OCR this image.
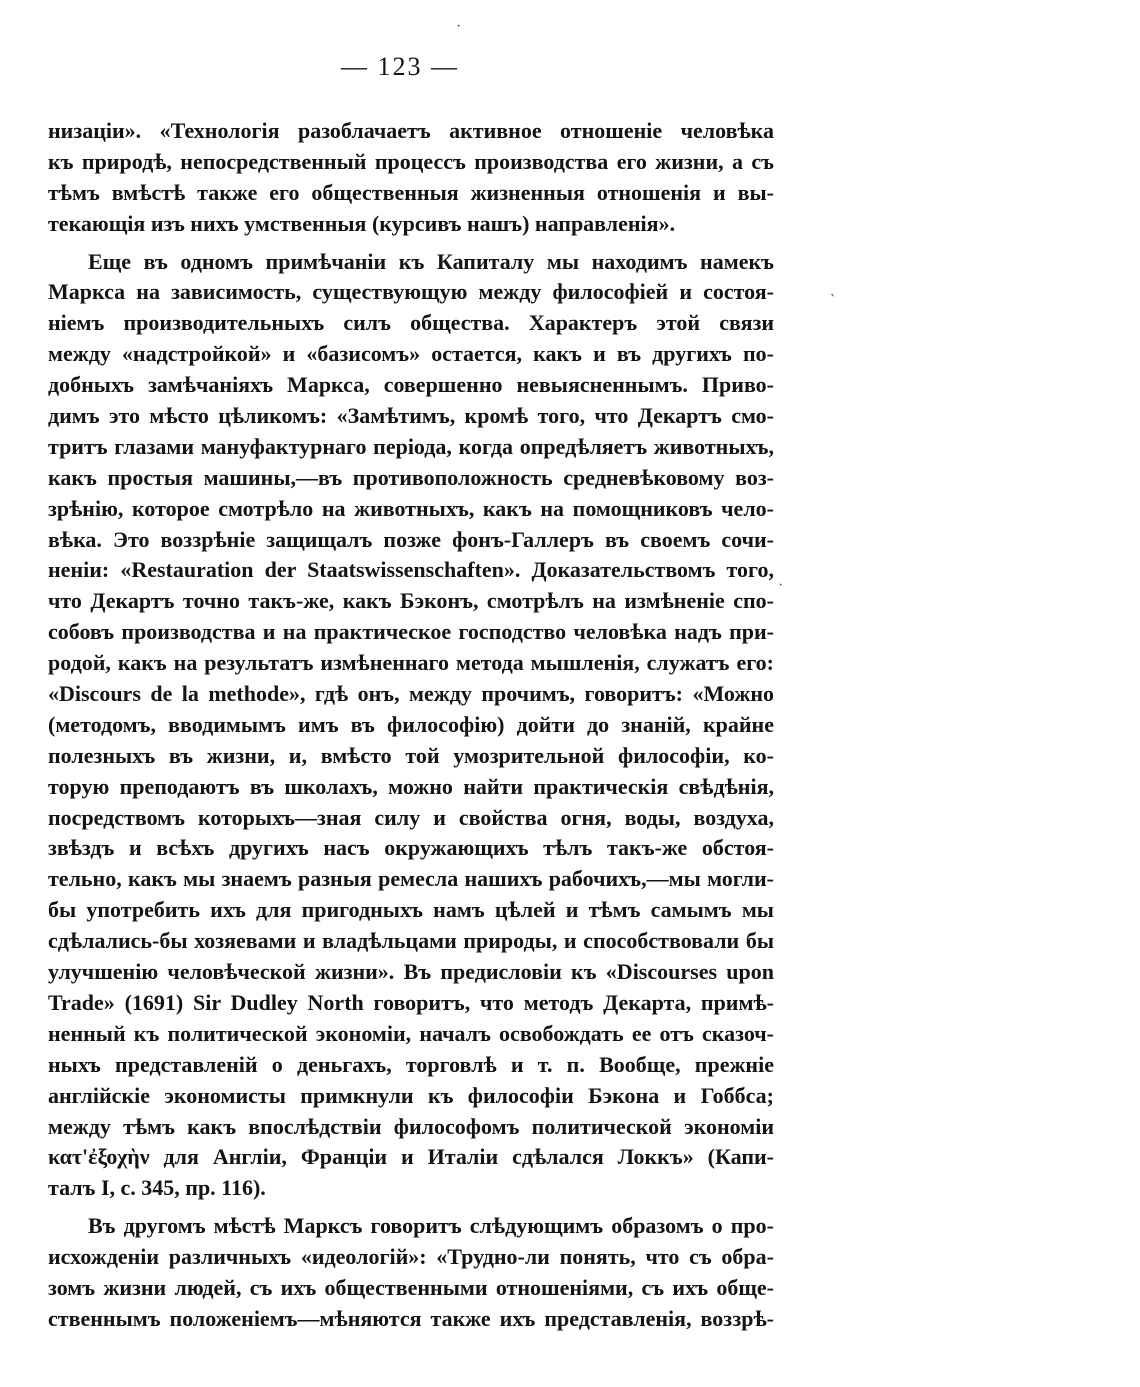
— 123 —
низаціи». «Технологія разоблачаетъ активное отношеніе человѣка
къ природѣ, непосредственный процессъ производства его жизни, а съ
тѣмъ вмѣстѣ также его общественныя жизненныя отношенія и вы-
текающія изъ нихъ умственныя (курсивъ нашъ) направленія».
Еще въ одномъ примѣчаніи къ Капиталу мы находимъ намекъ
Маркса на зависимость, существующую между философіей и состоя-
ніемъ производительныхъ силъ общества. Характеръ этой связи
между «надстройкой» и «базисомъ» остается, какъ и въ другихъ по-
добныхъ замѣчаніяхъ Маркса, совершенно невыясненнымъ. Приво-
димъ это мѣсто цѣликомъ: «Замѣтимъ, кромѣ того, что Декартъ смо-
тритъ глазами мануфактурнаго періода, когда опредѣляетъ животныхъ,
какъ простыя машины,—въ противоположность средневѣковому воз-
зрѣнію, которое смотрѣло на животныхъ, какъ на помощниковъ чело-
вѣка. Это воззрѣніе защищалъ позже фонъ-Галлеръ въ своемъ сочи-
неніи: «Restauration der Staatswissenschaften». Доказательствомъ того,
что Декартъ точно такъ-же, какъ Бэконъ, смотрѣлъ на измѣненіе спо-
собовъ производства и на практическое господство человѣка надъ при-
родой, какъ на результатъ измѣненнаго метода мышленія, служатъ его:
«Discours de la methode», гдѣ онъ, между прочимъ, говоритъ: «Можно
(методомъ, вводимымъ имъ въ философію) дойти до знаній, крайне
полезныхъ въ жизни, и, вмѣсто той умозрительной философіи, ко-
торую преподаютъ въ школахъ, можно найти практическія свѣдѣнія,
посредствомъ которыхъ—зная силу и свойства огня, воды, воздуха,
звѣздъ и всѣхъ другихъ насъ окружающихъ тѣлъ такъ-же обстоя-
тельно, какъ мы знаемъ разныя ремесла нашихъ рабочихъ,—мы могли-
бы употребить ихъ для пригодныхъ намъ цѣлей и тѣмъ самымъ мы
сдѣлались-бы хозяевами и владѣльцами природы, и способствовали бы
улучшенію человѣческой жизни». Въ предисловіи къ «Discourses upon
Trade» (1691) Sir Dudley North говоритъ, что методъ Декарта, примѣ-
ненный къ политической экономіи, началъ освобождать ее отъ сказоч-
ныхъ представленій о деньгахъ, торговлѣ и т. п. Вообще, прежніе
англійскіе экономисты примкнули къ философіи Бэкона и Гоббса;
между тѣмъ какъ впослѣдствіи философомъ политической экономіи
κατ'ἐξοχὴν для Англіи, Франціи и Италіи сдѣлался Локкъ» (Капи-
талъ I, с. 345, пр. 116).
Въ другомъ мѣстѣ Марксъ говоритъ слѣдующимъ образомъ о про-
исхожденіи различныхъ «идеологій»: «Трудно-ли понять, что съ обра-
зомъ жизни людей, съ ихъ общественными отношеніями, съ ихъ обще-
ственнымъ положеніемъ—мѣняются также ихъ представленія, воззрѣ-
·
ˏ
·
